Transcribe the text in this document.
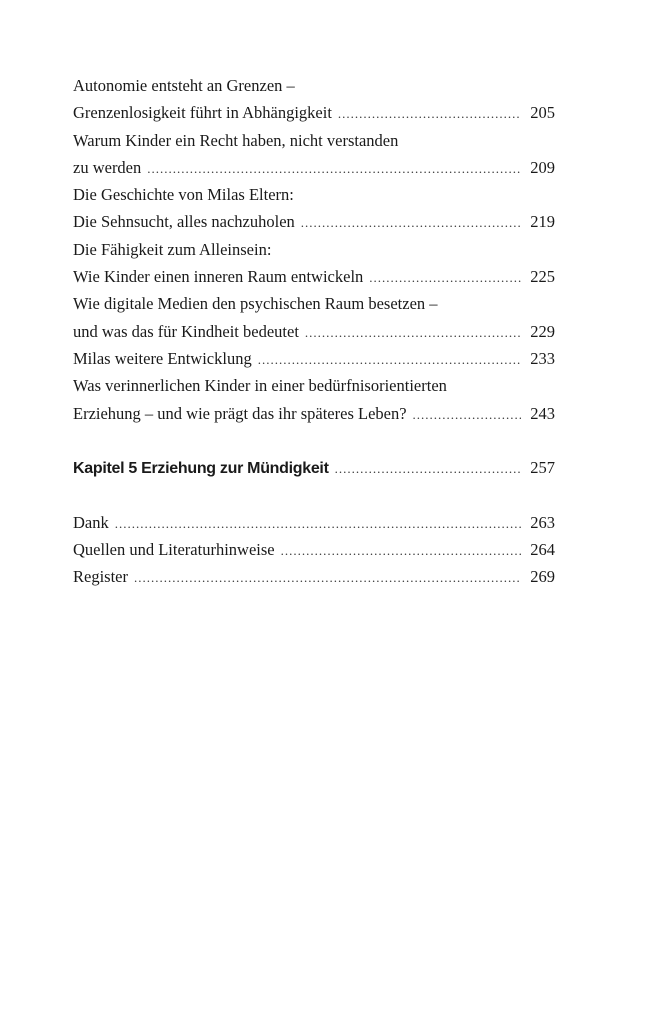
Autonomie entsteht an Grenzen –
Grenzenlosigkeit führt in Abhängigkeit .....	205
Warum Kinder ein Recht haben, nicht verstanden
zu werden .....	209
Die Geschichte von Milas Eltern:
Die Sehnsucht, alles nachzuholen .....	219
Die Fähigkeit zum Alleinsein:
Wie Kinder einen inneren Raum entwickeln .....	225
Wie digitale Medien den psychischen Raum besetzen –
und was das für Kindheit bedeutet .....	229
Milas weitere Entwicklung .....	233
Was verinnerlichen Kinder in einer bedürfnisorientierten
Erziehung – und wie prägt das ihr späteres Leben? .....	243
Kapitel 5 Erziehung zur Mündigkeit .....	257
Dank .....	263
Quellen und Literaturhinweise .....	264
Register .....	269
